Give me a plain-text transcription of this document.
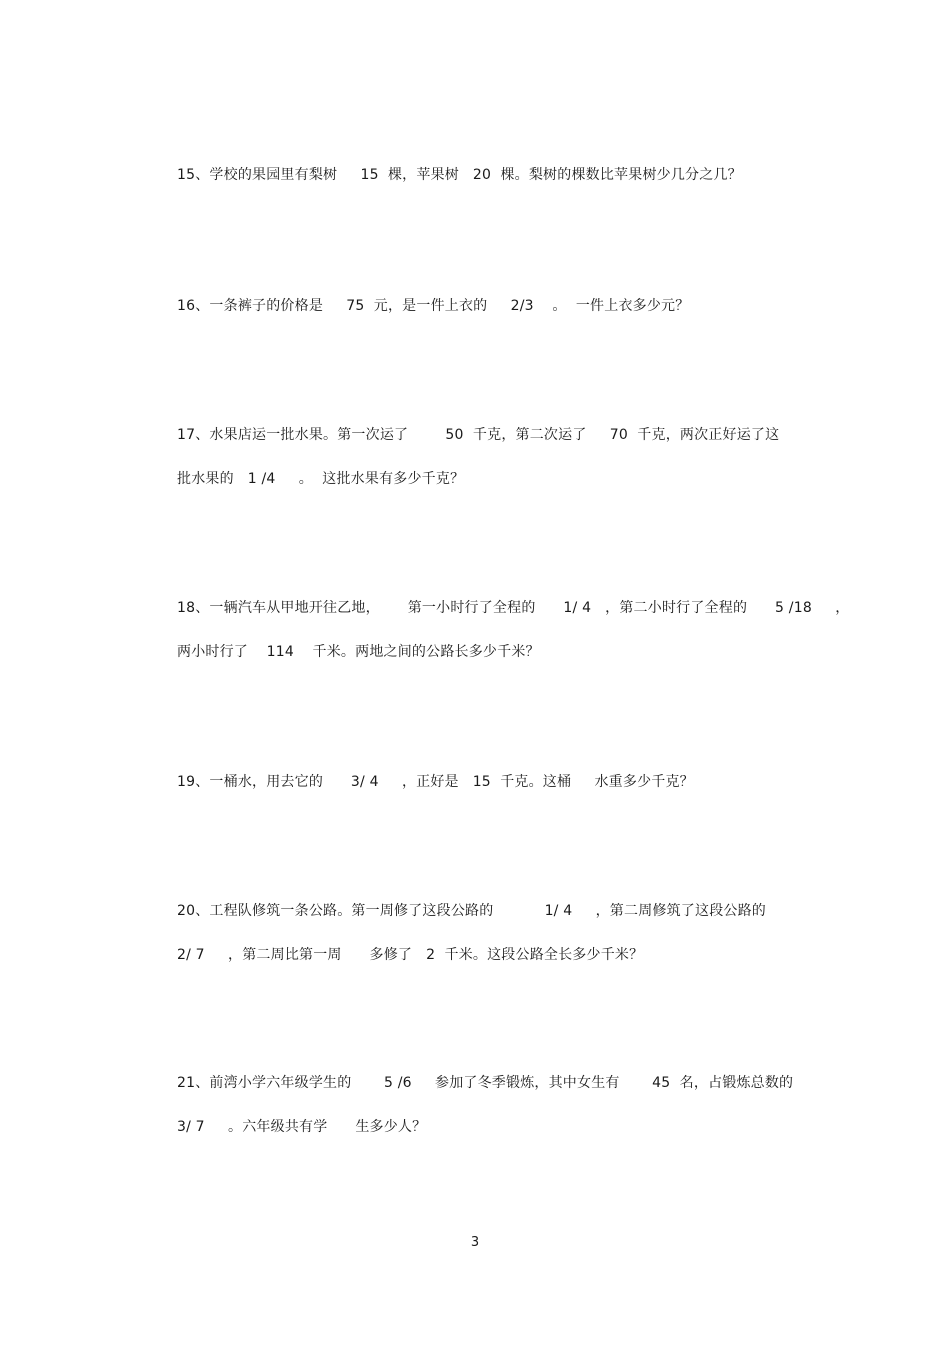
15、学校的果园里有梨树     15  棵，苹果树   20  棵。梨树的棵数比苹果树少几分之几？
16、一条裤子的价格是     75  元，是一件上衣的     2/3    。  一件上衣多少元？
17、水果店运一批水果。第一次运了        50  千克，第二次运了     70  千克，两次正好运了这
批水果的   1 /4     。  这批水果有多少千克？
18、一辆汽车从甲地开往乙地，      第一小时行了全程的      1/ 4   ，第二小时行了全程的      5 /18     ，
两小时行了    114    千米。两地之间的公路长多少千米？
19、一桶水，用去它的      3/ 4     ，正好是   15  千克。这桶     水重多少千克？
20、工程队修筑一条公路。第一周修了这段公路的           1/ 4     ，第二周修筑了这段公路的
2/ 7     ，第二周比第一周      多修了   2  千米。这段公路全长多少千米？
21、前湾小学六年级学生的       5 /6     参加了冬季锻炼，其中女生有       45  名，占锻炼总数的
3/ 7     。六年级共有学      生多少人？
3
